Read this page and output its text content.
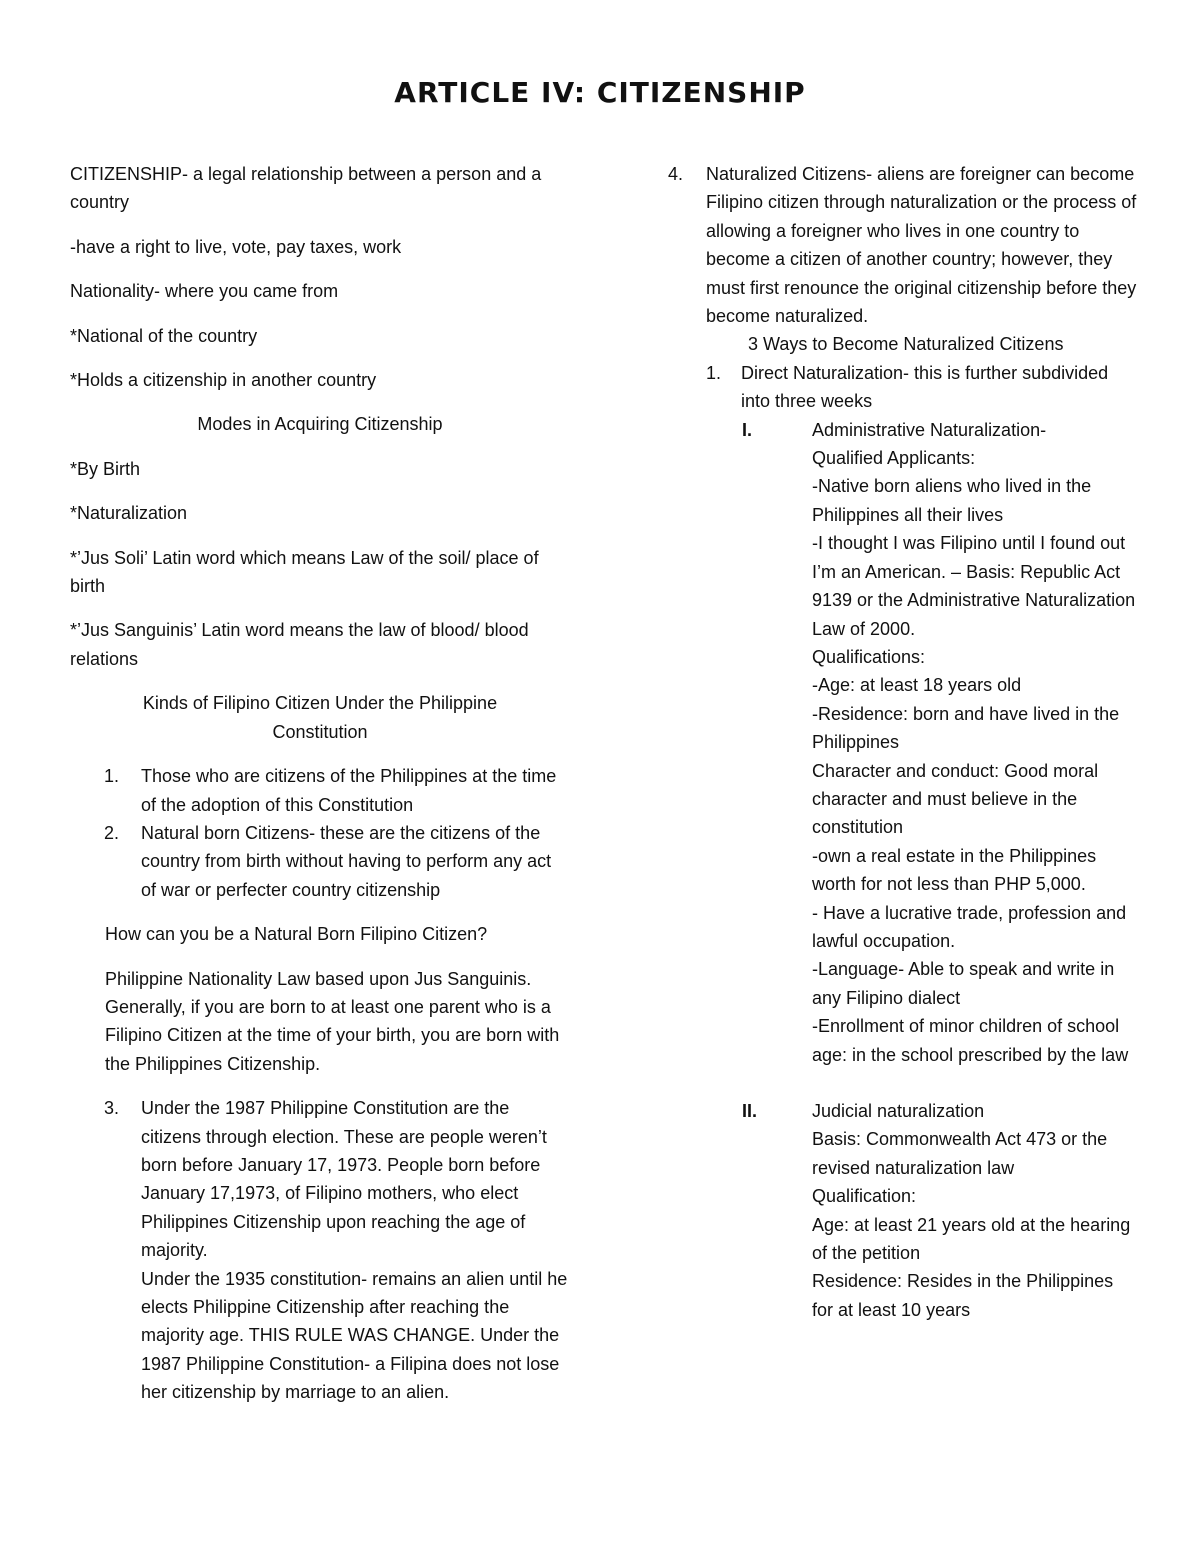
ARTICLE IV: CITIZENSHIP

CITIZENSHIP- a legal relationship between a person and a country

-have a right to live, vote, pay taxes, work

Nationality- where you came from

*National of the country

*Holds a citizenship in another country

Modes in Acquiring Citizenship

*By Birth

*Naturalization

*’Jus Soli’ Latin word which means Law of the soil/ place of birth

*’Jus Sanguinis’ Latin word means the law of blood/ blood relations

Kinds of Filipino Citizen Under the Philippine Constitution

1. Those who are citizens of the Philippines at the time of the adoption of this Constitution
2. Natural born Citizens- these are the citizens of the country from birth without having to perform any act of war or perfecter country citizenship

How can you be a Natural Born Filipino Citizen?

Philippine Nationality Law based upon Jus Sanguinis. Generally, if you are born to at least one parent who is a Filipino Citizen at the time of your birth, you are born with the Philippines Citizenship.

3. Under the 1987 Philippine Constitution are the citizens through election. These are people weren’t born before January 17, 1973. People born before January 17,1973, of Filipino mothers, who elect Philippines Citizenship upon reaching the age of majority.
Under the 1935 constitution- remains an alien until he elects Philippine Citizenship after reaching the majority age. THIS RULE WAS CHANGE. Under the 1987 Philippine Constitution- a Filipina does not lose her citizenship by marriage to an alien.
4. Naturalized Citizens- aliens are foreigner can become Filipino citizen through naturalization or the process of allowing a foreigner who lives in one country to become a citizen of another country; however, they must first renounce the original citizenship before they become naturalized.
3 Ways to Become Naturalized Citizens
1. Direct Naturalization- this is further subdivided into three weeks
I.	Administrative Naturalization-
Qualified Applicants:
-Native born aliens who lived in the Philippines all their lives
-I thought I was Filipino until I found out I’m an American. – Basis: Republic Act 9139 or the Administrative Naturalization Law of 2000.
Qualifications:
-Age: at least 18 years old
-Residence: born and have lived in the Philippines
Character and conduct: Good moral character and must believe in the constitution
-own a real estate in the Philippines worth for not less than PHP 5,000.
- Have a lucrative trade, profession and lawful occupation.
-Language- Able to speak and write in any Filipino dialect
-Enrollment of minor children of school age: in the school prescribed by the law
II.	Judicial naturalization
Basis: Commonwealth Act 473 or the revised naturalization law
Qualification:
Age: at least 21 years old at the hearing of the petition
Residence: Resides in the Philippines for at least 10 years
